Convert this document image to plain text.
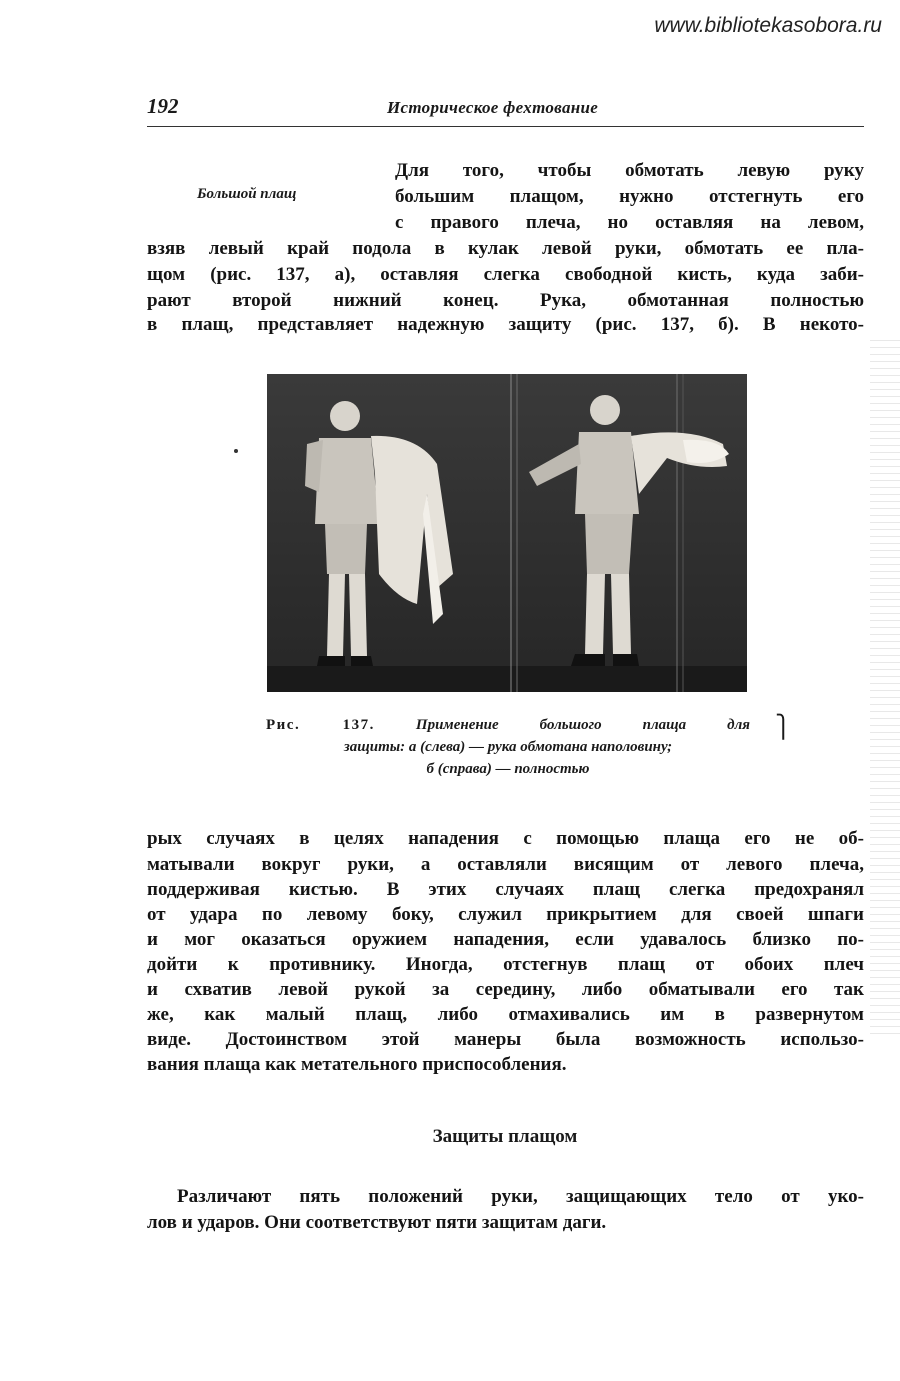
www.bibliotekasobora.ru
192	Историческое фехтование
Большой плащ
Для того, чтобы обмотать левую руку
большим плащом, нужно отстегнуть его
с правого плеча, но оставляя на левом,
взяв левый край подола в кулак левой руки, обмотать ее пла-
щом (рис. 137, а), оставляя слегка свободной кисть, куда заби-
рают второй нижний конец. Рука, обмотанная полностью
в плащ, представляет надежную защиту (рис. 137, б). В некото-
⎫
Рис. 137.	Применение большого плаща для
защиты: а (слева) — рука обмотана наполовину;
б (справа) — полностью
рых случаях в целях нападения с помощью плаща его не об-
матывали вокруг руки, а оставляли висящим от левого плеча,
поддерживая кистью. В этих случаях плащ слегка предохранял
от удара по левому боку, служил прикрытием для своей шпаги
и мог оказаться оружием нападения, если удавалось близко по-
дойти к противнику. Иногда, отстегнув плащ от обоих плеч
и схватив левой рукой за середину, либо обматывали его так
же, как малый плащ, либо отмахивались им в развернутом
виде. Достоинством этой манеры была возможность использо-
вания плаща как метательного приспособления.
Защиты плащом
Различают пять положений руки, защищающих тело от уко-
лов и ударов. Они соответствуют пяти защитам даги.
